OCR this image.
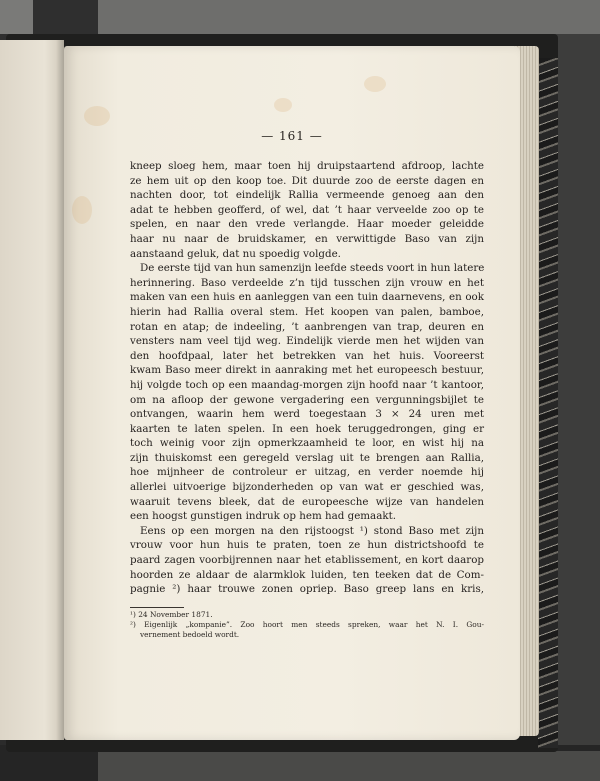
— 161 —
kneep sloeg hem, maar toen hij druipstaartend afdroop, lachte
ze hem uit op den koop toe. Dit duurde zoo de eerste dagen en
nachten door, tot eindelijk Rallia vermeende genoeg aan den
adat te hebben geofferd, of wel, dat ’t haar verveelde zoo op te
spelen, en naar den vrede verlangde. Haar moeder geleidde
haar nu naar de bruidskamer, en verwittigde Baso van zijn
aanstaand geluk, dat nu spoedig volgde.
De eerste tijd van hun samenzijn leefde steeds voort in hun latere
herinnering. Baso verdeelde z’n tijd tusschen zijn vrouw en het
maken van een huis en aanleggen van een tuin daarnevens, en ook
hierin had Rallia overal stem. Het koopen van palen, bamboe,
rotan en atap; de indeeling, ’t aanbrengen van trap, deuren en
vensters nam veel tijd weg. Eindelijk vierde men het wijden van
den hoofdpaal, later het betrekken van het huis. Vooreerst
kwam Baso meer direkt in aanraking met het europeesch bestuur,
hij volgde toch op een maandag-morgen zijn hoofd naar ’t kantoor,
om na afloop der gewone vergadering een vergunningsbijlet te
ontvangen, waarin hem werd toegestaan 3 × 24 uren met
kaarten te laten spelen. In een hoek teruggedrongen, ging er
toch weinig voor zijn opmerkzaamheid te loor, en wist hij na
zijn thuiskomst een geregeld verslag uit te brengen aan Rallia,
hoe mijnheer de controleur er uitzag, en verder noemde hij
allerlei uitvoerige bijzonderheden op van wat er geschied was,
waaruit tevens bleek, dat de europeesche wijze van handelen
een hoogst gunstigen indruk op hem had gemaakt.
Eens op een morgen na den rijstoogst ¹) stond Baso met zijn
vrouw voor hun huis te praten, toen ze hun districtshoofd te
paard zagen voorbijrennen naar het etablissement, en kort daarop
hoorden ze aldaar de alarmklok luiden, ten teeken dat de Com-
pagnie ²) haar trouwe zonen opriep. Baso greep lans en kris,
¹) 24 November 1871.
²) Eigenlijk „kompanie”. Zoo hoort men steeds spreken, waar het N. I. Gou-
vernement bedoeld wordt.
